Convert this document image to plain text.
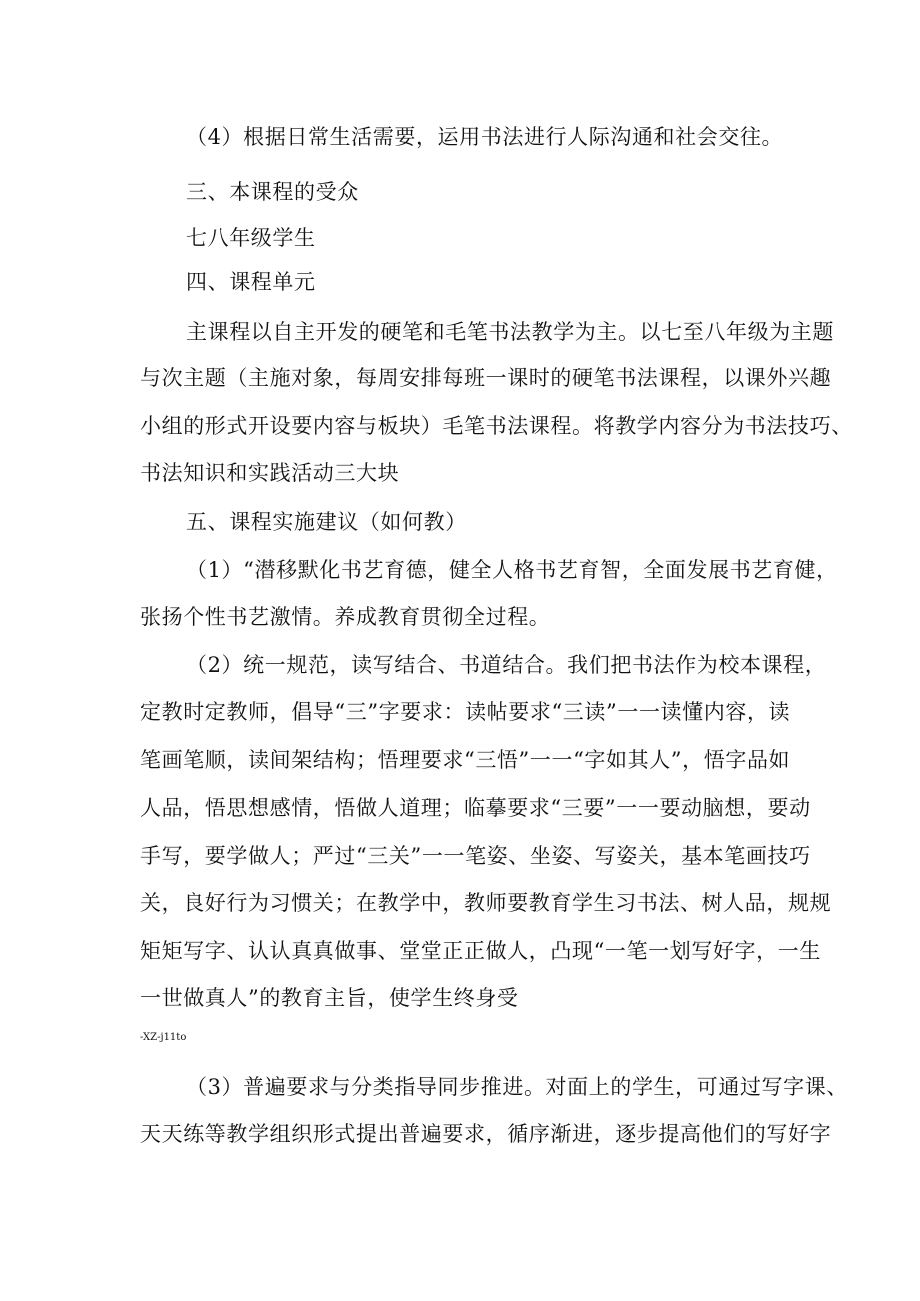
（4）根据日常生活需要，运用书法进行人际沟通和社会交往。
三、本课程的受众
七八年级学生
四、课程单元
主课程以自主开发的硬笔和毛笔书法教学为主。以七至八年级为主题
与次主题（主施对象，每周安排每班一课时的硬笔书法课程，以课外兴趣
小组的形式开设要内容与板块）毛笔书法课程。将教学内容分为书法技巧、
书法知识和实践活动三大块
五、课程实施建议（如何教）
（1）“潜移默化书艺育德，健全人格书艺育智，全面发展书艺育健，
张扬个性书艺激情。养成教育贯彻全过程。
（2）统一规范，读写结合、书道结合。我们把书法作为校本课程，
定教时定教师，倡导“三”字要求：读帖要求“三读”一一读懂内容，读
笔画笔顺，读间架结构；悟理要求“三悟”一一“字如其人”，悟字品如
人品，悟思想感情，悟做人道理；临摹要求“三要”一一要动脑想，要动
手写，要学做人；严过“三关”一一笔姿、坐姿、写姿关，基本笔画技巧
关，良好行为习惯关；在教学中，教师要教育学生习书法、树人品，规规
矩矩写字、认认真真做事、堂堂正正做人，凸现“一笔一划写好字，一生
一世做真人”的教育主旨，使学生终身受
-XZ-j11to
（3）普遍要求与分类指导同步推进。对面上的学生，可通过写字课、
天天练等教学组织形式提出普遍要求，循序渐进，逐步提高他们的写好字
